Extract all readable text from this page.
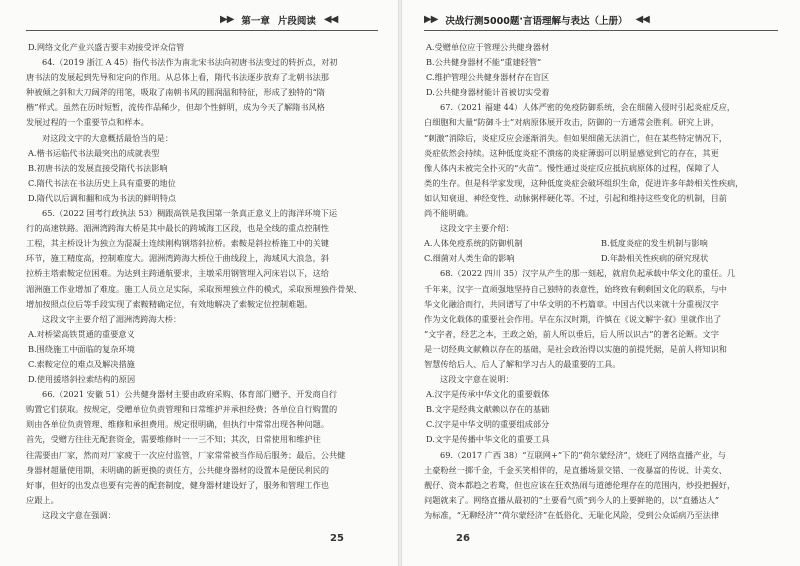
▶▶ 第一章 片段阅读 ◀◀
D.网络文化产业兴盛吉要丰劝接受评众信管
64.（2019 浙江 A 45）指代书法作为南北宋书法向初唐书法变过的转折点，对初
唐书法的发展起到先导和定向的作用。从总体上看，隋代书法逐步放弃了北朝书法那
种被倾之斜和大刀阔斧的用笔，吸取了南朝书风的圆润温和特征，形成了独特的“隋
楷”样式。虽然在历时短暂，流传作品稀少，但却个性鲜明，成为今天了解隋书风格
发展过程的一个重要节点和样本。
对这段文字的大意概括最恰当的是：
A.楷书运临代书法最突出的成就表型
B.初唐书法的发展直接受隋代书法影响
C.隋代书法在书法历史上具有重要的地位
D.隋代以后调和翻和成为书法的鲜明特点
65.（2022 国考行政执法 53）稠跟高铁是我国第一条真正意义上的海洋环境下运
行的高速铁路。湄洲湾跨海大桥是其中最长的跨城海工区段，也是全线的重点控制性
工程，其主桥设计为独立为混凝土连续刚构钢塔斜拉桥。索鞍是斜拉桥施工中的关键
环节，施工精度高，控制难度大。湄洲湾跨海大桥位于曲线段上，海域风大浪急，斜
拉桥主塔索鞍定位困难。为达到主跨通航要求，主墩采用钢管埋入河床岩以下，这给
湄洲施工作业增加了难度。施工人员立足实际，采取预埋独立件的模式，采取预埋独件骨架、
增加按照点位后等手段实现了索鞍精确定位，有效地解决了索鞍定位控制难题。
这段文字主要介绍了湄洲湾跨海大桥：
A.对桥梁高铁贯通的重要意义
B.围绕施工中面临的复杂环境
C.索鞍定位的难点及解决措施
D.使用援塔斜拉索结构的原因
66.（2021 安徽 51）公共健身器材主要由政府采购、体育部门赠予、开发商自行
购置它们获取。按规定，受赠单位负责管理和日常维护并承担经费；各单位自行购置的
则由各单位负责管理、维修和承担费用。规定很明确，但执行中常常出现各种问题。
首先，受赠方往往无配套资金，需要维修时一一三不知；其次，日常使用和维护往
往需要由厂家，然而对厂家疲于一次应付监管，厂家常常被当作局后服务；最后，公共健
身器材超量使用期，未明确的新更换的责任方，公共健身器材的设置本是便民利民的
好事，但好的出发点也要有完善的配套制度，健身器材建设好了，服务和管理工作也
应跟上。
这段文字意在强调：
25
▶▶ 决战行测5000题 · 言语理解与表达（上册） ◀◀
A.受赠单位应于管理公共健身器材
B.公共健身器材不能“重建轻管”
C.维护管理公共健身器材存在盲区
D.公共健身器材能计首被切实受着
67.（2021 福建 44）人体严密的免疫防御系统，会在细菌入侵时引起炎症反应，
白细胞和大量“防御斗士”对病原体展开攻击，防御的一方通常会胜利。研究上讲，
“刺激”消除后，炎症反应会逐渐消失。但如果细菌无法消亡，但在某些特定情况下，
炎症依然会持续。这种低度炎症不溃疡的炎症薄弱可以明显感觉到它的存在，其更
像人体内未被完全扑灭的“火苗”。慢性通过炎症反应抵抗病原体的过程，保障了人
类的生存。但是科学家发现，这种低度炎症会破坏组织生命，促进许多年龄相关性疾病，
如认知衰退、神经变性、动脉粥样硬化等。不过，引起和维持这些变化的机制，目前
尚不能明确。
这段文字主要介绍：
A.人体免疫系统的防御机制	B.低度炎症的发生机制与影响
C.细菌对人类生命的影响	D.年龄相关性疾病的研究现状
68.（2022 四川 35）汉字从产生的那一刻起，就肩负起承载中华文化的重任。几
千年来，汉字一直顽强地坚持自己独特的表意性，始终致有剩剩国文化的联系，与中
华文化融洽而行，共同谱写了中华文明的不朽篇章。中国古代以来就十分重视汉字
作为文化载体的重要社会作用。早在东汉时期，许慎在《说文解字·叙》里就作出了
“文字者，经艺之本，王政之始，前人所以垂后，后人所以识古”的著名论断。文字
是一切经典文献赖以存在的基础，是社会政治得以实施的前提凭据，是前人将知识和
智慧传给后人、后人了解和学习古人的最重要的工具。
这段文字意在说明：
A.汉字是传承中华文化的重要载体
B.文字是经典文献赖以存在的基础
C.汉字是中华文明的重要组成部分
D.文字是传播中华文化的重要工具
69.（2017 广西 38）“互联网+”下的“荷尔蒙经济”，烧旺了网络直播产业，与
土豪粉丝一掷千金，千金买笑相伴的，是直播场景交错、一夜暴富的传说、计美女、
靓仔、资本都趋之若鹜，但也应该在狂欢热闹与道德伦理存在的范围内，炒投把握好，
问题就来了。网络直播从最初的“土要看气质”到今人的上要鲜艳的，以“直播达人”
为标准，“无聊经济”“荷尔蒙经济”在低俗化、无耻化风险，受到公众诟病乃至法律
26
